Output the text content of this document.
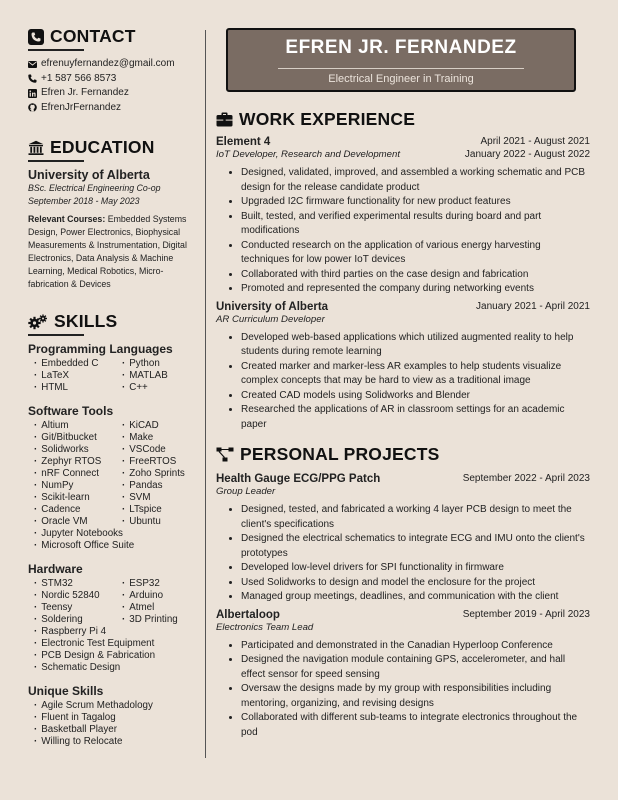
CONTACT
efrenuyfernandez@gmail.com
+1 587 566 8573
Efren Jr. Fernandez
EfrenJrFernandez
EDUCATION
University of Alberta
BSc. Electrical Engineering Co-op
September 2018 - May 2023
Relevant Courses: Embedded Systems Design, Power Electronics, Biophysical Measurements & Instrumentation, Digital Electronics, Data Analysis & Machine Learning, Medical Robotics, Micro-fabrication & Devices
SKILLS
Programming Languages
· Embedded C	· Python
· LaTeX	· MATLAB
· HTML	· C++
Software Tools
· Altium	· KiCAD
· Git/Bitbucket	· Make
· Solidworks	· VSCode
· Zephyr RTOS	· FreeRTOS
· nRF Connect	· Zoho Sprints
· NumPy	· Pandas
· Scikit-learn	· SVM
· Cadence	· LTspice
· Oracle VM	· Ubuntu
· Jupyter Notebooks
· Microsoft Office Suite
Hardware
· STM32	· ESP32
· Nordic 52840	· Arduino
· Teensy	· Atmel
· Soldering	· 3D Printing
· Raspberry Pi 4
· Electronic Test Equipment
· PCB Design & Fabrication
· Schematic Design
Unique Skills
· Agile Scrum Methadology
· Fluent in Tagalog
· Basketball Player
· Willing to Relocate
EFREN JR. FERNANDEZ
Electrical Engineer in Training
WORK EXPERIENCE
Element 4	April 2021 - August 2021
IoT Developer, Research and Development	January 2022 - August 2022
• Designed, validated, improved, and assembled a working schematic and PCB design for the release candidate product
• Upgraded I2C firmware functionality for new product features
• Built, tested, and verified experimental results during board and part modifications
• Conducted research on the application of various energy harvesting techniques for low power IoT devices
• Collaborated with third parties on the case design and fabrication
• Promoted and represented the company during networking events
University of Alberta	January 2021 - April 2021
AR Curriculum Developer
• Developed web-based applications which utilized augmented reality to help students during remote learning
• Created marker and marker-less AR examples to help students visualize complex concepts that may be hard to view as a traditional image
• Created CAD models using Solidworks and Blender
• Researched the applications of AR in classroom settings for an academic paper
PERSONAL PROJECTS
Health Gauge ECG/PPG Patch	September 2022 - April 2023
Group Leader
• Designed, tested, and fabricated a working 4 layer PCB design to meet the client's specifications
• Designed the electrical schematics to integrate ECG and IMU onto the client's prototypes
• Developed low-level drivers for SPI functionality in firmware
• Used Solidworks to design and model the enclosure for the project
• Managed group meetings, deadlines, and communication with the client
Albertaloop	September 2019 - April 2023
Electronics Team Lead
• Participated and demonstrated in the Canadian Hyperloop Conference
• Designed the navigation module containing GPS, accelerometer, and hall effect sensor for speed sensing
• Oversaw the designs made by my group with responsibilities including mentoring, organizing, and revising designs
• Collaborated with different sub-teams to integrate electronics throughout the pod
